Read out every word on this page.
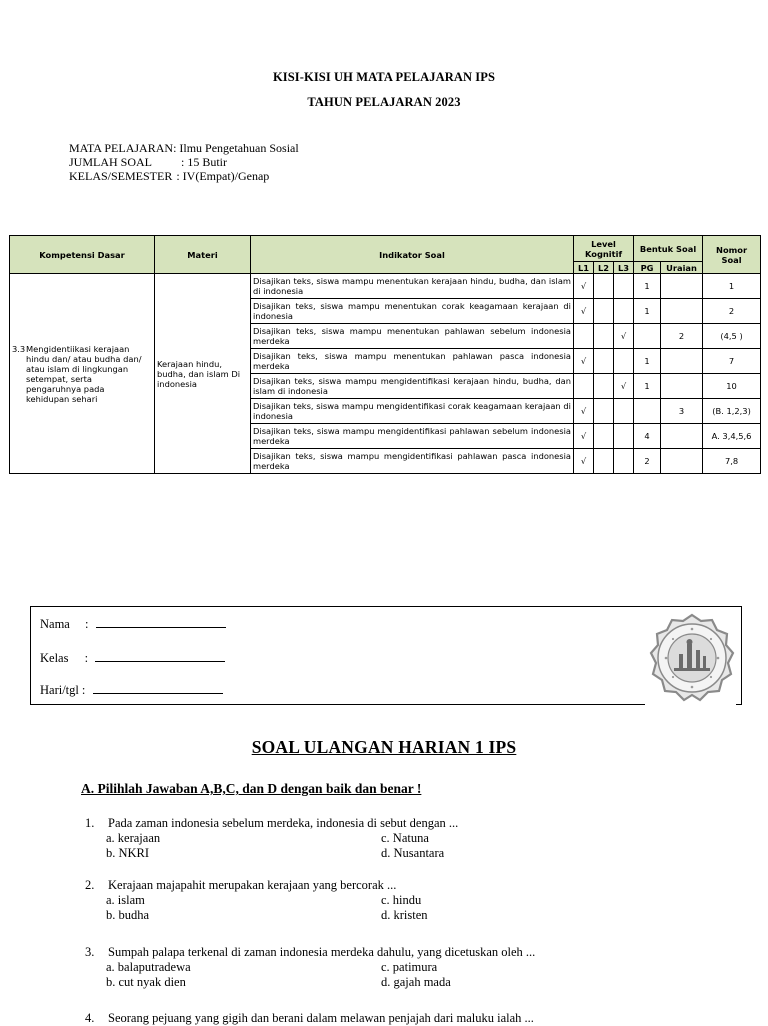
KISI-KISI UH MATA PELAJARAN IPS
TAHUN PELAJARAN 2023
MATA PELAJARAN: Ilmu Pengetahuan Sosial
JUMLAH SOAL : 15 Butir
KELAS/SEMESTER : IV(Empat)/Genap
Kompetensi Dasar	Materi	Indikator Soal	Level Kognitif			Bentuk Soal		Nomor Soal
			L1	L2	L3	PG	Uraian	
3.3Mengidentiikasi kerajaan hindu dan/ atau budha dan/ atau islam di lingkungan setempat, serta pengaruhnya pada kehidupan sehari	Kerajaan hindu, budha, dan islam Di indonesia	Disajikan teks, siswa mampu menentukan kerajaan hindu, budha, dan islam di indonesia	√			1		1
		Disajikan teks, siswa mampu menentukan corak keagamaan kerajaan di indonesia	√			1		2
		Disajikan teks, siswa mampu menentukan pahlawan sebelum indonesia merdeka			√		2	(4,5 )
		Disajikan teks, siswa mampu menentukan pahlawan pasca indonesia merdeka	√			1		7
		Disajikan teks, siswa mampu mengidentifikasi kerajaan hindu, budha, dan islam di indonesia			√	1		10
		Disajikan teks, siswa mampu mengidentifikasi corak keagamaan kerajaan di indonesia	√				3	(B. 1,2,3)
		Disajikan teks, siswa mampu mengidentifikasi pahlawan sebelum indonesia merdeka	√			4		A. 3,4,5,6
		Disajikan teks, siswa mampu mengidentifikasi pahlawan pasca indonesia merdeka	√			2		7,8
Nama :
Kelas :
Hari/tgl :
SOAL ULANGAN HARIAN 1 IPS
A. Pilihlah Jawaban A,B,C, dan D dengan baik dan benar !
1. Pada zaman indonesia sebelum merdeka, indonesia di sebut dengan ...
a. kerajaan
b. NKRI
c. Natuna
d. Nusantara
2. Kerajaan majapahit merupakan kerajaan yang bercorak ...
a. islam
b. budha
c. hindu
d. kristen
3. Sumpah palapa terkenal di zaman indonesia merdeka dahulu, yang dicetuskan oleh ...
a. balaputradewa
b. cut nyak dien
c. patimura
d. gajah mada
4. Seorang pejuang yang gigih dan berani dalam melawan penjajah dari maluku ialah ...
